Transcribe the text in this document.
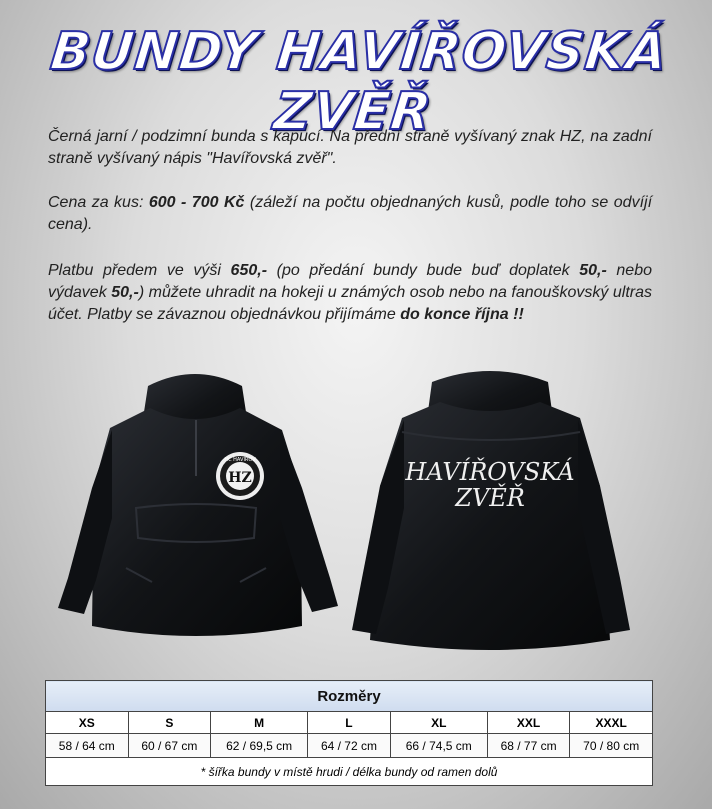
BUNDY HAVÍŘOVSKÁ ZVĚŘ
Černá jarní / podzimní bunda s kapucí. Na přední straně vyšívaný znak HZ, na zadní straně vyšívaný nápis "Havířovská zvěř".
Cena za kus: 600 - 700 Kč (záleží na počtu objednaných kusů, podle toho se odvíjí cena).
Platbu předem ve výši 650,- (po předání bundy bude buď doplatek 50,- nebo výdavek 50,-) můžete uhradit na hokeji u známých osob nebo na fanouškovský ultras účet. Platby se závaznou objednávkou přijímáme do konce října !!
HZ
HC HAVÍŘOV	HAVÍŘOVSKÁ
ZVĚŘ
Rozměry						
XS	S	M	L	XL	XXL	XXXL
58 / 64 cm	60 / 67 cm	62 / 69,5 cm	64 / 72 cm	66 / 74,5 cm	68 / 77 cm	70 / 80 cm
* šířka bundy v místě hrudi / délka bundy od ramen dolů						
